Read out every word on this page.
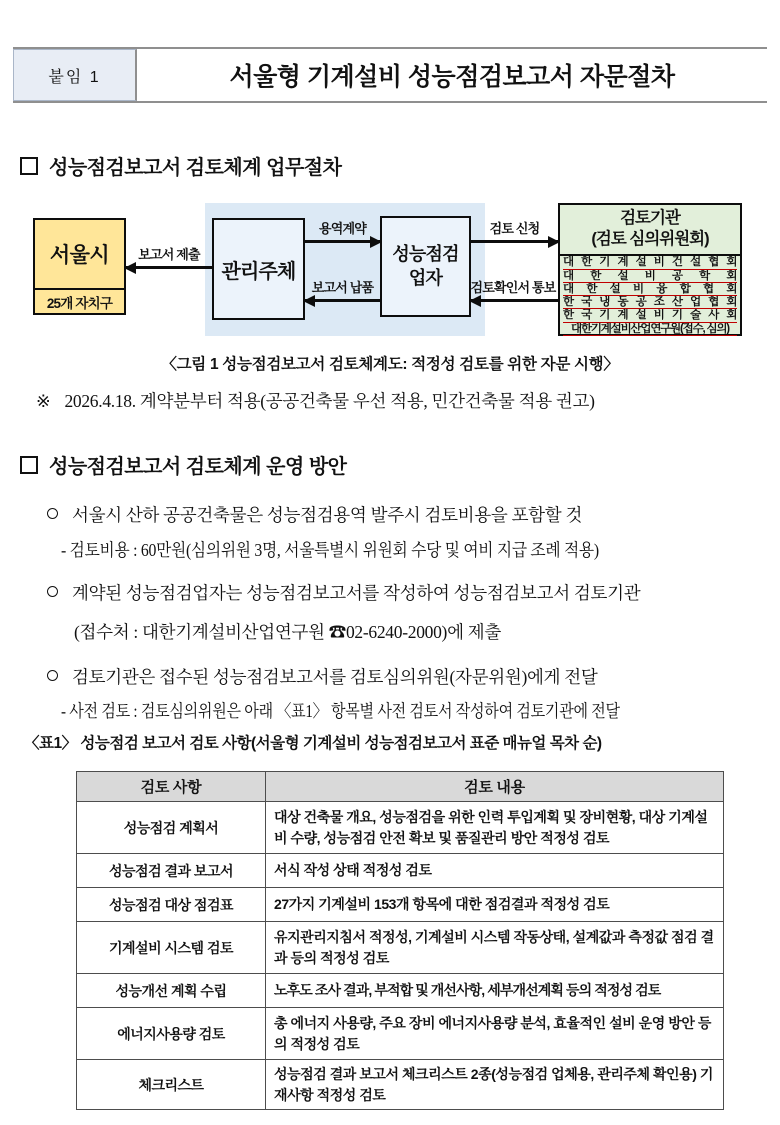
붙임 1	서울형 기계설비 성능점검보고서 자문절차
성능점검보고서 검토체계 업무절차
서울시
25개 자치구
관리주체
성능점검
업자
검토기관
(검토 심의위원회)
대 한 기 계 설 비 건 설 협 회
대 한 설 비 공 학 회
대 한 설 비 융 합 협 회
한 국 냉 동 공 조 산 업 협 회
한 국 기 계 설 비 기 술 사 회
대한기계설비산업연구원(접수, 심의)
보고서 제출
용역계약
보고서 납품
검토 신청
검토확인서 통보
〈그림 1 성능점검보고서 검토체계도: 적정성 검토를 위한 자문 시행〉
※ 2026.4.18. 계약분부터 적용(공공건축물 우선 적용, 민간건축물 적용 권고)
성능점검보고서 검토체계 운영 방안
서울시 산하 공공건축물은 성능점검용역 발주시 검토비용을 포함할 것
- 검토비용 : 60만원(심의위원 3명, 서울특별시 위원회 수당 및 여비 지급 조례 적용)
계약된 성능점검업자는 성능점검보고서를 작성하여 성능점검보고서 검토기관
(접수처 : 대한기계설비산업연구원 ☎02-6240-2000)에 제출
검토기관은 접수된 성능점검보고서를 검토심의위원(자문위원)에게 전달
- 사전 검토 : 검토심의위원은 아래 〈표1〉 항목별 사전 검토서 작성하여 검토기관에 전달
〈표1〉 성능점검 보고서 검토 사항(서울형 기계설비 성능점검보고서 표준 매뉴얼 목차 순)
검토 사항	검토 내용
성능점검 계획서	대상 건축물 개요, 성능점검을 위한 인력 투입계획 및 장비현황, 대상 기계설비 수량, 성능점검 안전 확보 및 품질관리 방안 적정성 검토
성능점검 결과 보고서	서식 작성 상태 적정성 검토
성능점검 대상 점검표	27가지 기계설비 153개 항목에 대한 점검결과 적정성 검토
기계설비 시스템 검토	유지관리지침서 적정성, 기계설비 시스템 작동상태, 설계값과 측정값 점검 결과 등의 적정성 검토
성능개선 계획 수립	노후도 조사 결과, 부적합 및 개선사항, 세부개선계획 등의 적정성 검토
에너지사용량 검토	총 에너지 사용량, 주요 장비 에너지사용량 분석, 효율적인 설비 운영 방안 등의 적정성 검토
체크리스트	성능점검 결과 보고서 체크리스트 2종(성능점검 업체용, 관리주체 확인용) 기재사항 적정성 검토
